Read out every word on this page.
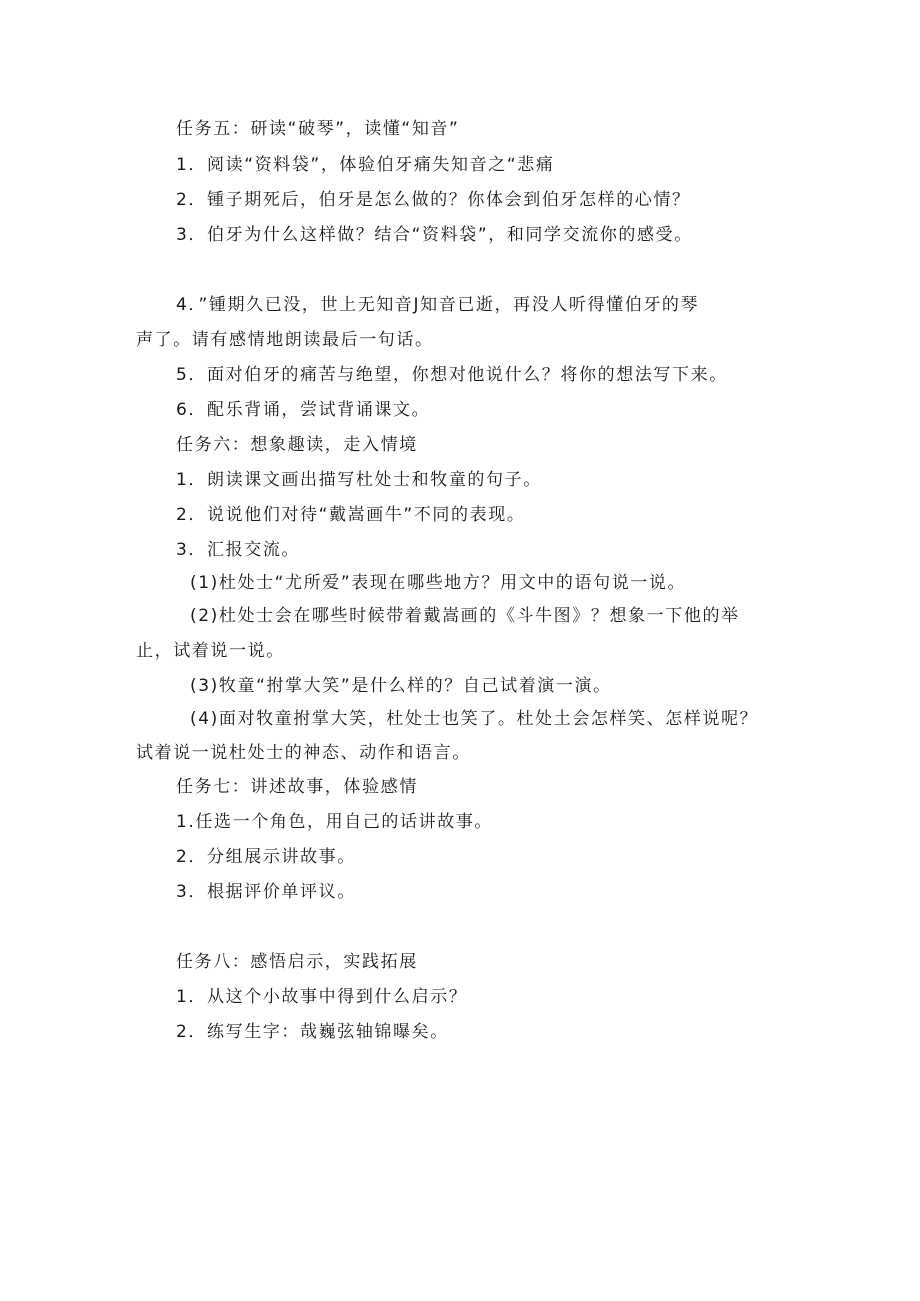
任务五：研读“破琴”，读懂“知音”
1．阅读“资料袋”，体验伯牙痛失知音之“悲痛
2．锺子期死后，伯牙是怎么做的？你体会到伯牙怎样的心情？
3．伯牙为什么这样做？结合“资料袋”，和同学交流你的感受。
4．”锺期久已没，世上无知音J知音已逝，再没人听得懂伯牙的琴
声了。请有感情地朗读最后一句话。
5．面对伯牙的痛苦与绝望，你想对他说什么？将你的想法写下来。
6．配乐背诵，尝试背诵课文。
任务六：想象趣读，走入情境
1．朗读课文画出描写杜处士和牧童的句子。
2．说说他们对待“戴嵩画牛”不同的表现。
3．汇报交流。
(1)杜处士“尤所爱”表现在哪些地方？用文中的语句说一说。
(2)杜处士会在哪些时候带着戴嵩画的《斗牛图》？想象一下他的举
止，试着说一说。
(3)牧童“拊掌大笑”是什么样的？自己试着演一演。
(4)面对牧童拊掌大笑，杜处士也笑了。杜处土会怎样笑、怎样说呢？
试着说一说杜处士的神态、动作和语言。
任务七：讲述故事，体验感情
1.任选一个角色，用自己的话讲故事。
2．分组展示讲故事。
3．根据评价单评议。
任务八：感悟启示，实践拓展
1．从这个小故事中得到什么启示？
2．练写生字：哉巍弦轴锦曝矣。
